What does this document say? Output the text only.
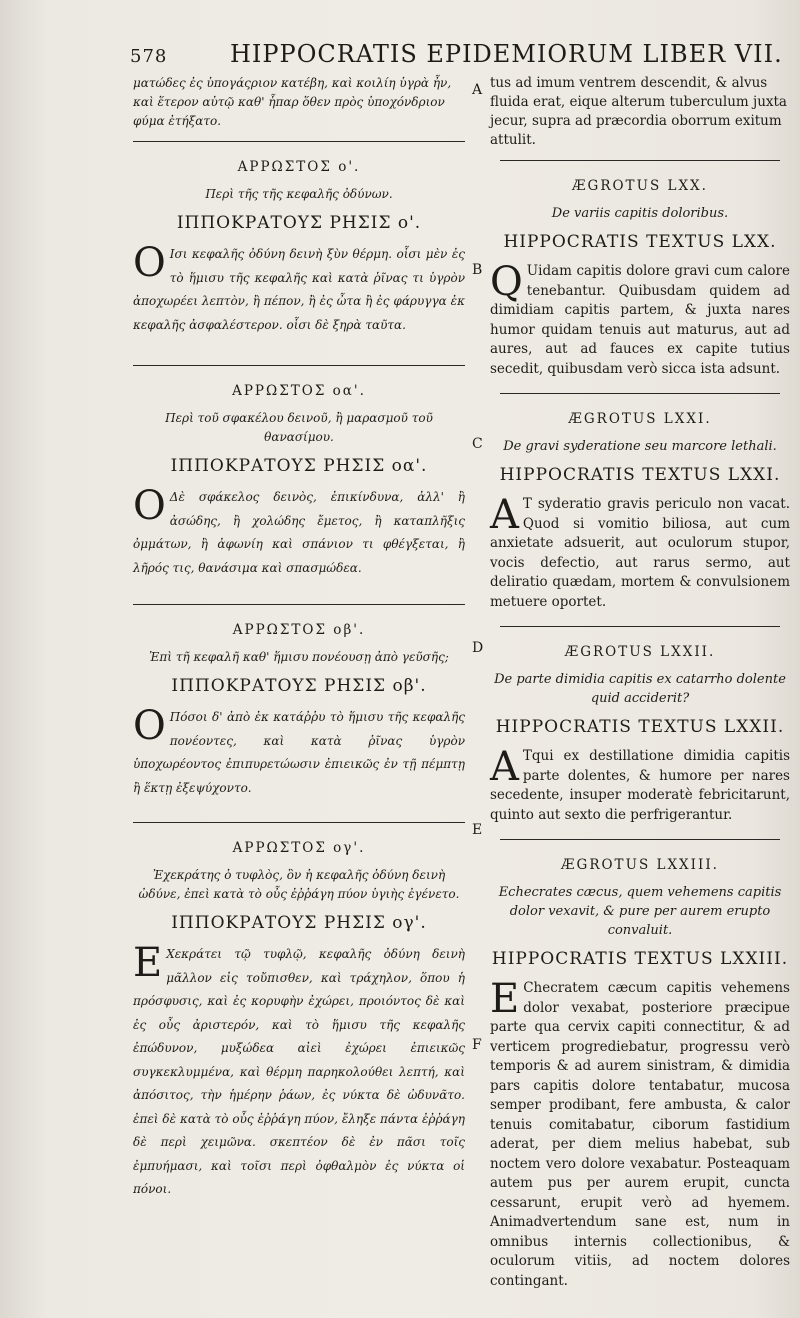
578	HIPPOCRATIS EPIDEMIORUM LIBER VII.
A
B
C
D
E
F
ματώδες ἐς ὑπογάςριον κατέβη, καὶ κοιλίη ὑγρὰ ἦν, καὶ ἕτερον αὐτῷ καθ' ἧπαρ ὅθεν πρὸς ὑποχόνδριον φύμα ἐτήξατο.
ΑΡΡΩΣΤΟΣ ο'.
Περὶ τῆς τῆς κεφαλῆς ὀδύνων.
ΙΠΠΟΚΡΑΤΟΥΣ ΡΗΣΙΣ ο'.
Ο Ισι κεφαλῆς ὀδύνη δεινὴ ξὺν θέρμη. οἷσι μὲν ἐς τὸ ἥμισυ τῆς κεφαλῆς καὶ κατὰ ῥῖνας τι ὑγρὸν ἀποχωρέει λεπτὸν, ἢ πέπον, ἢ ἐς ὦτα ἢ ἐς φάρυγγα ἐκ κεφαλῆς ἀσφαλέστερον. οἷσι δὲ ξηρὰ ταῦτα.
ΑΡΡΩΣΤΟΣ οα'.
Περὶ τοῦ σφακέλου δεινοῦ, ἢ μαρασμοῦ τοῦ θανασίμου.
ΙΠΠΟΚΡΑΤΟΥΣ ΡΗΣΙΣ οα'.
Ο Δὲ σφάκελος δεινὸς, ἐπικίνδυνα, ἀλλ' ἢ ἀσώδης, ἢ χολώδης ἔμετος, ἢ καταπλῆξις ὀμμάτων, ἢ ἀφωνίη καὶ σπάνιον τι φθέγξεται, ἢ λῆρός τις, θανάσιμα καὶ σπασμώδεα.
ΑΡΡΩΣΤΟΣ οβ'.
Ἐπὶ τῆ κεφαλῆ καθ' ἥμισυ πονέουσῃ ἀπὸ γεῦσῆς;
ΙΠΠΟΚΡΑΤΟΥΣ ΡΗΣΙΣ οβ'.
Ο Πόσοι δ' ἀπὸ ἐκ κατάῤῥυ τὸ ἥμισυ τῆς κεφαλῆς πονέοντες, καὶ κατὰ ῥῖνας ὑγρὸν ὑποχωρέοντος ἐπιπυρετώωσιν ἐπιεικῶς ἐν τῇ πέμπτῃ ἢ ἕκτῃ ἐξεψύχοντο.
ΑΡΡΩΣΤΟΣ ογ'.
Ἐχεκράτης ὁ τυφλὸς, ὃν ἡ κεφαλῆς ὀδύνη δεινὴ ὠδύνε, ἐπεὶ κατὰ τὸ οὖς ἐῤῥάγη πύον ὑγιὴς ἐγένετο.
ΙΠΠΟΚΡΑΤΟΥΣ ΡΗΣΙΣ ογ'.
Ε Χεκράτει τῷ τυφλῷ, κεφαλῆς ὀδύνη δεινὴ μᾶλλον εἰς τοὔπισθεν, καὶ τράχηλον, ὅπου ἡ πρόσφυσις, καὶ ἐς κορυφὴν ἐχώρει, προιόντος δὲ καὶ ἐς οὖς ἀριστερόν, καὶ τὸ ἥμισυ τῆς κεφαλῆς ἐπώδυνον, μυξώδεα αἰεὶ ἐχώρει ἐπιεικῶς συγκεκλυμμένα, καὶ θέρμη παρηκολούθει λεπτή, καὶ ἀπόσιτος, τὴν ἡμέρην ῥάων, ἐς νύκτα δὲ ὠδυνᾶτο. ἐπεὶ δὲ κατὰ τὸ οὖς ἐῤῥάγη πύον, ἔληξε πάντα ἐῤῥάγη δὲ περὶ χειμῶνα. σκεπτέον δὲ ἐν πᾶσι τοῖς ἐμπυήμασι, καὶ τοῖσι περὶ ὀφθαλμὸν ἐς νύκτα οἱ πόνοι.
tus ad imum ventrem descendit, & alvus fluida erat, eique alterum tuberculum juxta jecur, supra ad præcordia oborrum exitum attulit.
ÆGROTUS LXX.
De variis capitis doloribus.
HIPPOCRATIS TEXTUS LXX.
Q Uidam capitis dolore gravi cum calore tenebantur. Quibusdam quidem ad dimidiam capitis partem, & juxta nares humor quidam tenuis aut maturus, aut ad aures, aut ad fauces ex capite tutius secedit, quibusdam verò sicca ista adsunt.
ÆGROTUS LXXI.
De gravi syderatione seu marcore lethali.
HIPPOCRATIS TEXTUS LXXI.
A T syderatio gravis periculo non vacat. Quod si vomitio biliosa, aut cum anxietate adsuerit, aut oculorum stupor, vocis defectio, aut rarus sermo, aut deliratio quædam, mortem & convulsionem metuere oportet.
ÆGROTUS LXXII.
De parte dimidia capitis ex catarrho dolente quid acciderit?
HIPPOCRATIS TEXTUS LXXII.
A Tqui ex destillatione dimidia capitis parte dolentes, & humore per nares secedente, insuper moderatè febricitarunt, quinto aut sexto die perfrigerantur.
ÆGROTUS LXXIII.
Echecrates cæcus, quem vehemens capitis dolor vexavit, & pure per aurem erupto convaluit.
HIPPOCRATIS TEXTUS LXXIII.
E Checratem cæcum capitis vehemens dolor vexabat, posteriore præcipue parte qua cervix capiti connectitur, & ad verticem progrediebatur, progressu verò temporis & ad aurem sinistram, & dimidia pars capitis dolore tentabatur, mucosa semper prodibant, fere ambusta, & calor tenuis comitabatur, ciborum fastidium aderat, per diem melius habebat, sub noctem vero dolore vexabatur. Posteaquam autem pus per aurem erupit, cuncta cessarunt, erupit verò ad hyemem. Animadvertendum sane est, num in omnibus internis collectionibus, & oculorum vitiis, ad noctem dolores contingant.
